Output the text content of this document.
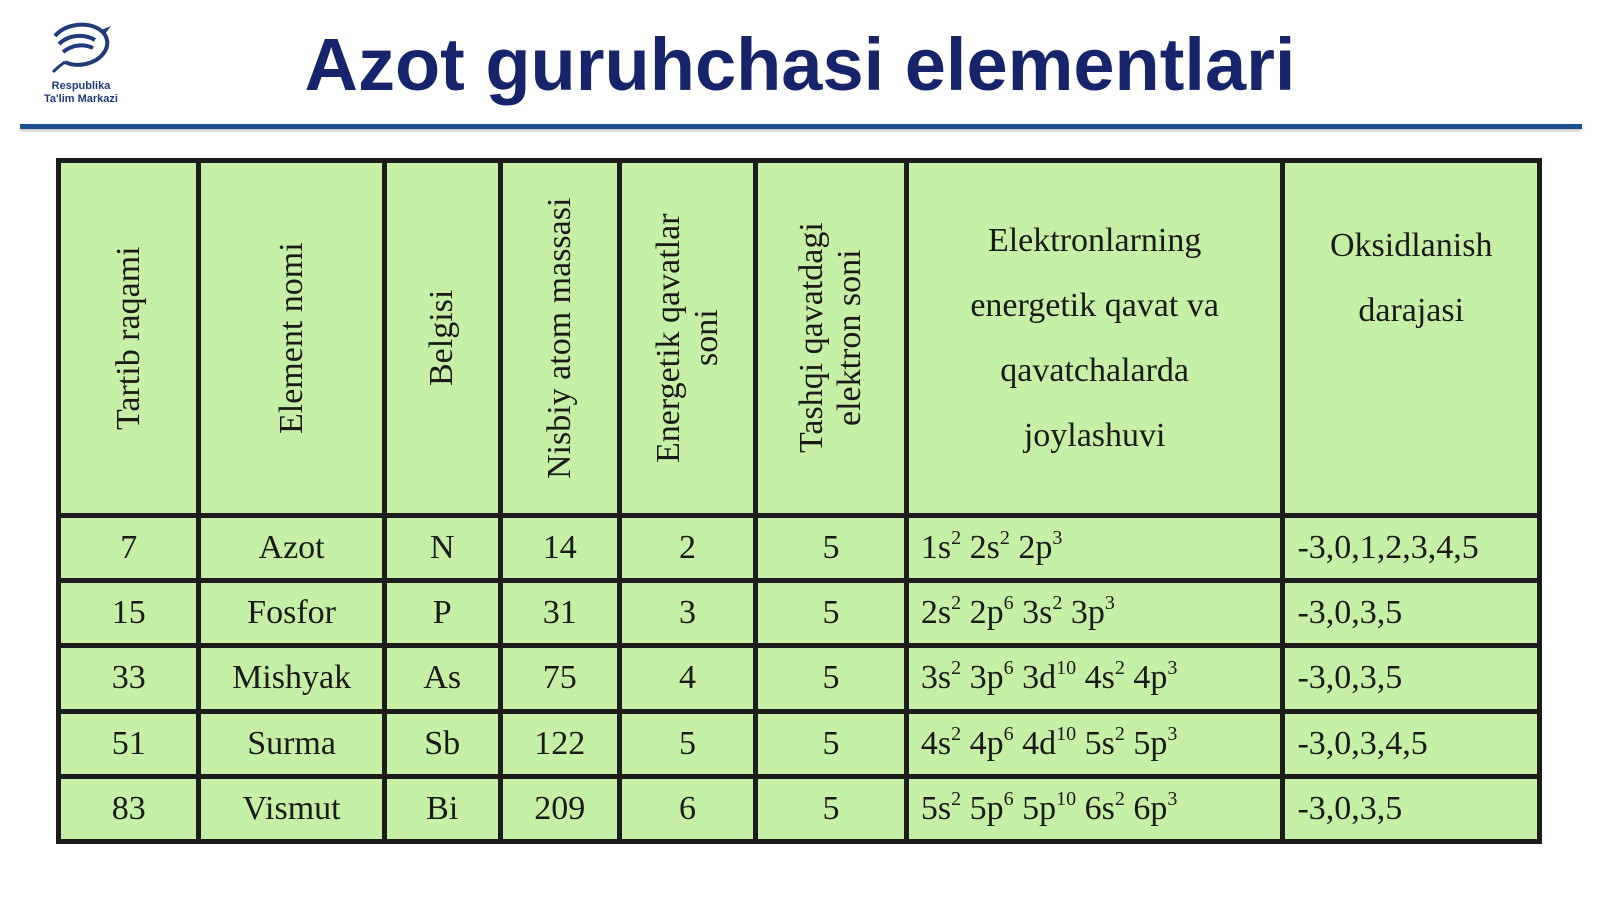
Respublika
Ta'lim Markazi	Azot guruhchasi elementlari
Tartib raqami	Element nomi	Belgisi	Nisbiy atom massasi	Energetik qavatlar soni	Tashqi qavatdagi elektron soni	Elektronlarning energetik qavat va qavatchalarda joylashuvi	Oksidlanish darajasi

7	Azot	N	14	2	5	$1s^2$ $2s^2$ $2p^3$	-3,0,1,2,3,4,5
15	Fosfor	P	31	3	5	$2s^2$ $2p^6$ $3s^2$ $3p^3$	-3,0,3,5
33	Mishyak	As	75	4	5	$3s^2$ $3p^6$ $3d^{10}$ $4s^2$ $4p^3$	-3,0,3,5
51	Surma	Sb	122	5	5	$4s^2$ $4p^6$ $4d^{10}$ $5s^2$ $5p^3$	-3,0,3,4,5
83	Vismut	Bi	209	6	5	$5s^2$ $5p^6$ $5p^{10}$ $6s^2$ $6p^3$	-3,0,3,5
